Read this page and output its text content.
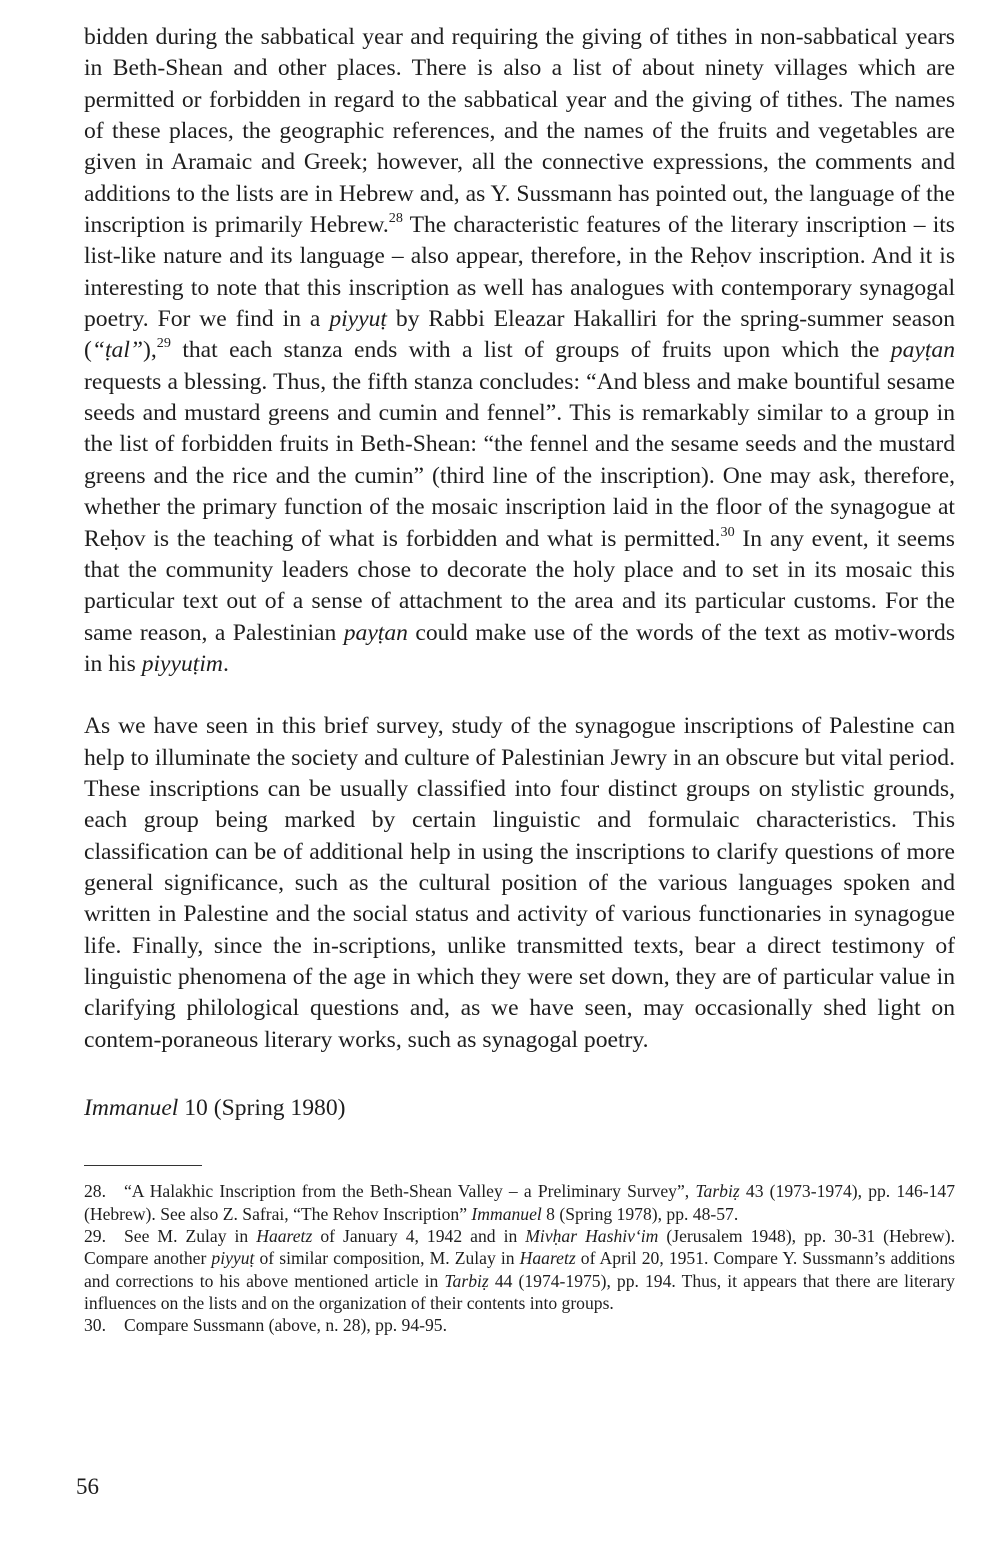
bidden during the sabbatical year and requiring the giving of tithes in non-sabbatical years in Beth-Shean and other places. There is also a list of about ninety villages which are permitted or forbidden in regard to the sabbatical year and the giving of tithes. The names of these places, the geographic references, and the names of the fruits and vegetables are given in Aramaic and Greek; however, all the connective expressions, the comments and additions to the lists are in Hebrew and, as Y. Sussmann has pointed out, the language of the inscription is primarily Hebrew.$^{28}$ The characteristic features of the literary inscription – its list-like nature and its language – also appear, therefore, in the Reḥov inscription. And it is interesting to note that this inscription as well has analogues with contemporary synagogal poetry. For we find in a piyyuṭ by Rabbi Eleazar Hakalliri for the spring-summer season (“ṭal”),$^{29}$ that each stanza ends with a list of groups of fruits upon which the payṭan requests a blessing. Thus, the fifth stanza concludes: “And bless and make bountiful sesame seeds and mustard greens and cumin and fennel”. This is remarkably similar to a group in the list of forbidden fruits in Beth-Shean: “the fennel and the sesame seeds and the mustard greens and the rice and the cumin” (third line of the inscription). One may ask, therefore, whether the primary function of the mosaic inscription laid in the floor of the synagogue at Reḥov is the teaching of what is forbidden and what is permitted.$^{30}$ In any event, it seems that the community leaders chose to decorate the holy place and to set in its mosaic this particular text out of a sense of attachment to the area and its particular customs. For the same reason, a Palestinian payṭan could make use of the words of the text as motiv-words in his piyyuṭim.

As we have seen in this brief survey, study of the synagogue inscriptions of Palestine can help to illuminate the society and culture of Palestinian Jewry in an obscure but vital period. These inscriptions can be usually classified into four distinct groups on stylistic grounds, each group being marked by certain linguistic and formulaic characteristics. This classification can be of additional help in using the inscriptions to clarify questions of more general significance, such as the cultural position of the various languages spoken and written in Palestine and the social status and activity of various functionaries in synagogue life. Finally, since the in-scriptions, unlike transmitted texts, bear a direct testimony of linguistic phenomena of the age in which they were set down, they are of particular value in clarifying philological questions and, as we have seen, may occasionally shed light on contem-poraneous literary works, such as synagogal poetry.

Immanuel 10 (Spring 1980)

28. “A Halakhic Inscription from the Beth-Shean Valley – a Preliminary Survey”, Tarbiẓ 43 (1973-1974), pp. 146-147 (Hebrew). See also Z. Safrai, “The Rehov Inscription” Immanuel 8 (Spring 1978), pp. 48-57.

29. See M. Zulay in Haaretz of January 4, 1942 and in Mivḥar Hashiv‘im (Jerusalem 1948), pp. 30-31 (Hebrew). Compare another piyyuṭ of similar composition, M. Zulay in Haaretz of April 20, 1951. Compare Y. Sussmann’s additions and corrections to his above mentioned article in Tarbiẓ 44 (1974-1975), pp. 194. Thus, it appears that there are literary influences on the lists and on the organization of their contents into groups.

30. Compare Sussmann (above, n. 28), pp. 94-95.

56
